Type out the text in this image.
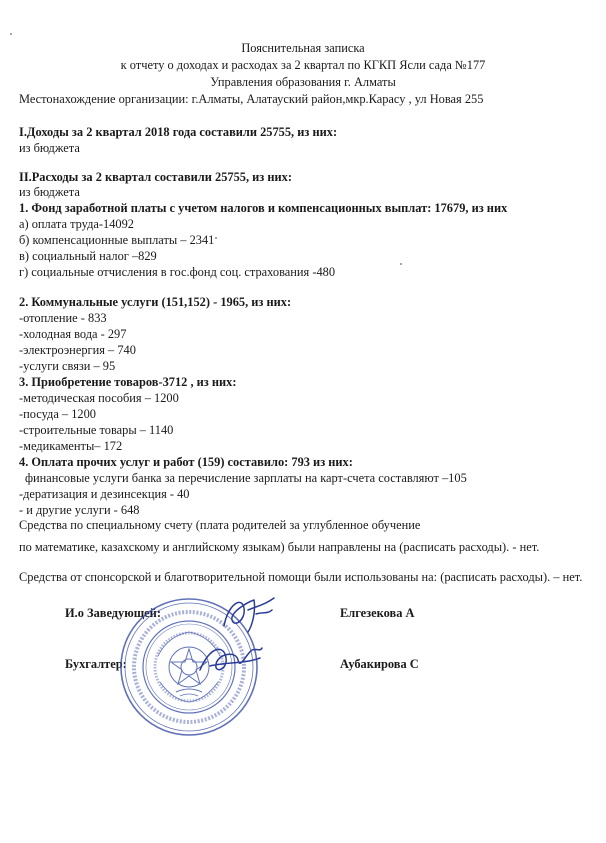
Пояснительная записка
к отчету о доходах и расходах за 2 квартал по КГКП Ясли сада №177
Управления образования г. Алматы
Местонахождение организации: г.Алматы, Алатауский район,мкр.Карасу , ул Новая 255
I.Доходы за 2 квартал 2018 года составили 25755, из них:
из бюджета
II.Расходы за 2 квартал составили 25755, из них:
из бюджета
1. Фонд заработной платы с учетом налогов и компенсационных выплат: 17679, из них
а) оплата труда-14092
б) компенсационные выплаты – 2341
в) социальный налог –829
г) социальные отчисления в гос.фонд соц. страхования -480
2. Коммунальные услуги (151,152) - 1965, из них:
-отопление - 833
-холодная вода - 297
-электроэнергия – 740
-услуги связи – 95
3. Приобретение товаров-3712 , из них:
-методическая пособия – 1200
-посуда – 1200
-строительные товары – 1140
-медикаменты– 172
4. Оплата прочих услуг и работ (159) составило: 793 из них:
финансовые услуги банка за перечисление зарплаты на карт-счета составляют –105
-дератизация и дезинсекция - 40
- и другие услуги - 648
Средства по специальному счету (плата родителей за углубленное обучение
по математике, казахскому и английскому языкам) были направлены на (расписать расходы). - нет.
Средства от спонсорской и благотворительной помощи были использованы на: (расписать расходы). – нет.
И.о Заведующей:	Елгезекова А
Бухгалтер:	Аубакирова С
